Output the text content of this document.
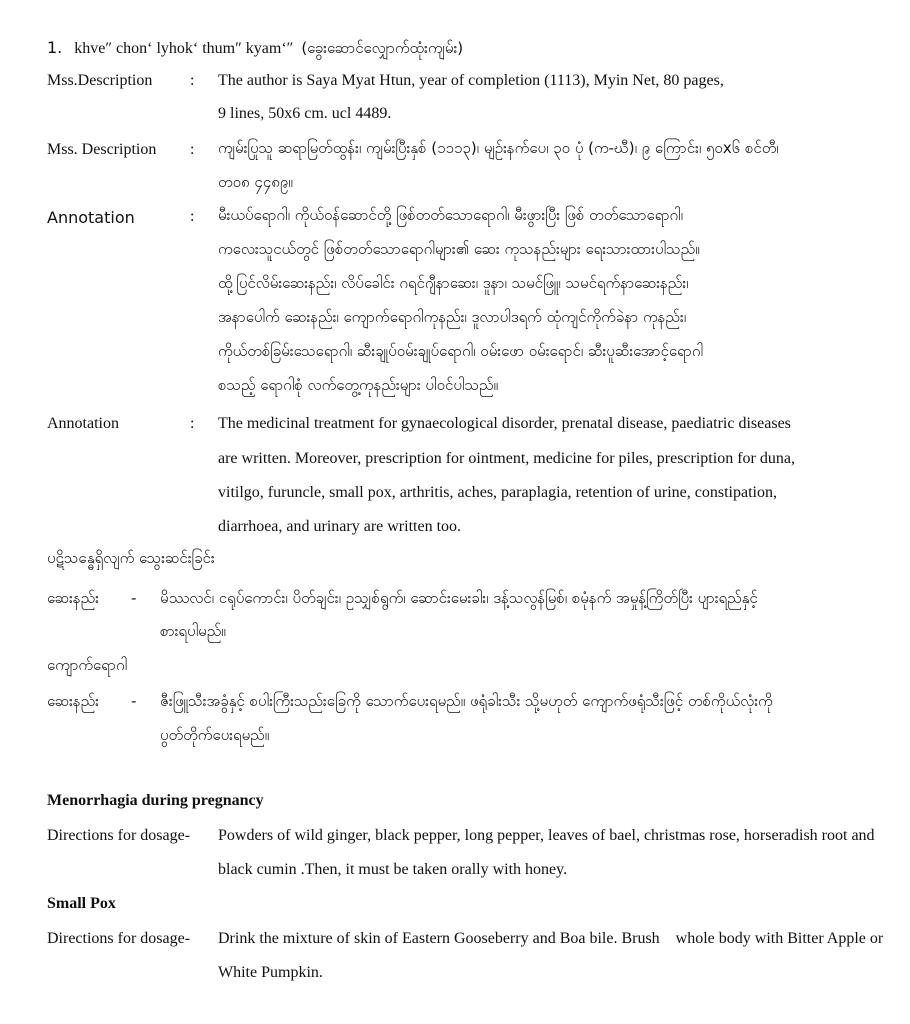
1. khve″ chon‘ lyhok‘ thum″ kyam‘″ (ခွေးဆောင်လျှောက်ထုံးကျမ်း)
Mss.Description : The author is Saya Myat Htun, year of completion (1113), Myin Net, 80 pages,
9 lines, 50x6 cm. ucl 4489.
Mss. Description : ကျမ်းပြုသူ ဆရာမြတ်ထွန်း၊ ကျမ်းပြီးနှစ် (၁၁၁၃)၊ မျဉ်းနက်ပေ၊ ၃၀ ပုံ (က-ဃီ)၊ ၉ ကြောင်း၊ ၅၀x၆ စင်တီ၊
တ၀၈ ၄၄၈၉။
Annotation	: မီးယပ်ရောဂါ၊ ကိုယ်ဝန်ဆောင်တို့ ဖြစ်တတ်သောရောဂါ၊ မီးဖွားပြီး ဖြစ် တတ်သောရောဂါ၊
ကလေးသူငယ်တွင် ဖြစ်တတ်သောရောဂါများ၏ ဆေး ကုသနည်းများ ရေးသားထားပါသည်။
ထို့ပြင်လိမ်းဆေးနည်း၊ လိပ်ခေါင်း ဂရင်ဂျီနာဆေး၊ ဒူနာ၊ သမင်ဖြူ၊ သမင်ရက်နာဆေးနည်း၊
အနာပေါက် ဆေးနည်း၊ ကျောက်ရောဂါကုနည်း၊ ဒူလာပါဒရက် ထုံကျင်ကိုက်ခဲနာ ကုနည်း၊
ကိုယ်တစ်ခြမ်းသေရောဂါ၊ ဆီးချုပ်ဝမ်းချုပ်ရောဂါ၊ ဝမ်းဖော ဝမ်းရောင်၊ ဆီးပူဆီးအောင့်ရောဂါ
စသည့် ရောဂါစုံ လက်တွေ့ကုနည်းများ ပါဝင်ပါသည်။
Annotation	: The medicinal treatment for gynaecological disorder, prenatal disease, paediatric diseases
are written. Moreover, prescription for ointment, medicine for piles, prescription for duna,
vitilgo, furuncle, small pox, arthritis, aches, paraplagia, retention of urine, constipation,
diarrhoea, and urinary are written too.
ပဋိသန္ဓေရှိလျက် သွေးဆင်းခြင်း
ဆေးနည်း - မိဿလင်၊ ငရုပ်ကောင်း၊ ပိတ်ချင်း၊ ဥသျှစ်ရွက်၊ ဆောင်းမေးခါး၊ ဒန့်သလွန်မြစ်၊ စမုံနက် အမှုန့်ကြိတ်ပြီး ပျားရည်နှင့်
စားရပါမည်။
ကျောက်ရောဂါ
ဆေးနည်း - ဇီးဖြူသီးအခွံနှင့် စပါးကြီးသည်းခြေကို သောက်ပေးရမည်။ ဖရုံခါးသီး သို့မဟုတ် ကျောက်ဖရုံသီးဖြင့် တစ်ကိုယ်လုံးကို
ပွတ်တိုက်ပေးရမည်။
Menorrhagia during pregnancy
Directions for dosage- Powders of wild ginger, black pepper, long pepper, leaves of bael, christmas rose, horseradish root and
black cumin .Then, it must be taken orally with honey.
Small Pox
Directions for dosage- Drink the mixture of skin of Eastern Gooseberry and Boa bile. Brush    whole body with Bitter Apple or
White Pumpkin.
